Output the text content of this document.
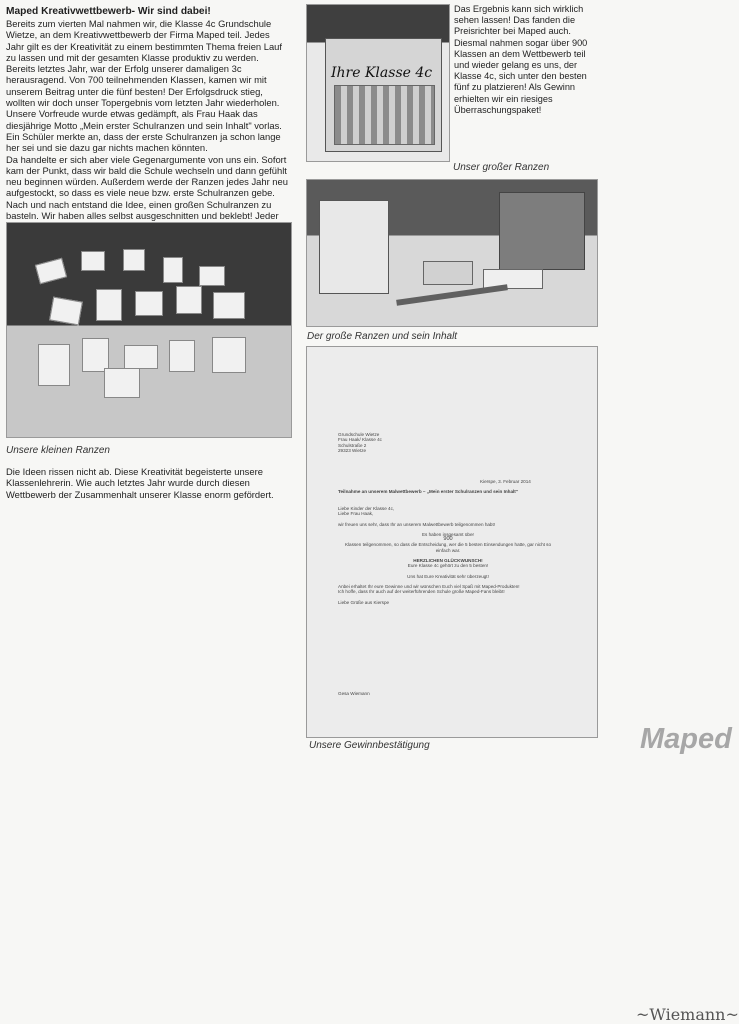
Maped Kreativwettbewerb- Wir sind dabei!

Bereits zum vierten Mal nahmen wir, die Klasse 4c Grundschule Wietze, an dem Kreativwettbewerb der Firma Maped teil. Jedes Jahr gilt es der Kreativität zu einem bestimmten Thema freien Lauf zu lassen und mit der gesamten Klasse produktiv zu werden. Bereits letztes Jahr, war der Erfolg unserer damaligen 3c herausragend. Von 700 teilnehmenden Klassen, kamen wir mit unserem Beitrag unter die fünf besten! Der Erfolgsdruck stieg, wollten wir doch unser Topergebnis vom letzten Jahr wiederholen.

Unsere Vorfreude wurde etwas gedämpft, als Frau Haak das diesjährige Motto „Mein erster Schulranzen und sein Inhalt" vorlas. Ein Schüler merkte an, dass der erste Schulranzen ja schon lange her sei und sie dazu gar nichts machen könnten.

Da handelte er sich aber viele Gegenargumente von uns ein. Sofort kam der Punkt, dass wir bald die Schule wechseln und dann gefühlt neu beginnen würden. Außerdem werde der Ranzen jedes Jahr neu aufgestockt, so dass es viele neue bzw. erste Schulranzen gebe.

Nach und nach entstand die Idee, einen großen Schulranzen zu basteln. Wir haben alles selbst ausgeschnitten und beklebt! Jeder

Unsere kleinen Ranzen

Die Ideen rissen nicht ab. Diese Kreativität begeisterte unsere Klassenlehrerin. Wie auch letztes Jahr wurde durch diesen Wettbewerb der Zusammenhalt unserer Klasse enorm gefördert.

Ihre Klasse 4c
Das Ergebnis kann sich wirklich sehen lassen! Das fanden die Preisrichter bei Maped auch. Diesmal nahmen sogar über 900 Klassen an dem Wettbewerb teil und wieder gelang es uns, der Klasse 4c, sich unter den besten fünf zu platzieren! Als Gewinn erhielten wir ein riesiges Überraschungspaket!
Unser großer Ranzen
Der große Ranzen und sein Inhalt
Maped
Grundschule Wietze
Frau Haak/ Klasse 4c
Schulstraße 2
29323 Wietze
Kierspe, 3. Februar 2014
Teilnahme an unserem Malwettbewerb – „Mein erster Schulranzen und sein Inhalt"
Liebe Kinder der Klasse 4c,
Liebe Frau Haak,
wir freuen uns sehr, dass Ihr an unserem Malwettbewerb teilgenommen habt!
Es haben insgesamt über
900
Klassen teilgenommen, so dass die Entscheidung, wer die 5 besten Einsendungen hatte, gar nicht so einfach war.
HERZLICHEN GLÜCKWUNSCH!
Eure Klasse 4c gehört zu den 5 besten!
Uns hat Eure Kreativität sehr überzeugt!
Anbei erhaltet Ihr eure Gewinne und wir wünschen Euch viel Spaß mit Maped-Produkten!
Ich hoffe, dass Ihr auch auf der weiterführenden Schule große Maped-Fans bleibt!
Liebe Grüße aus Kierspe
~Wiemann~
Gesa Wiemann
Unsere Gewinnbestätigung
